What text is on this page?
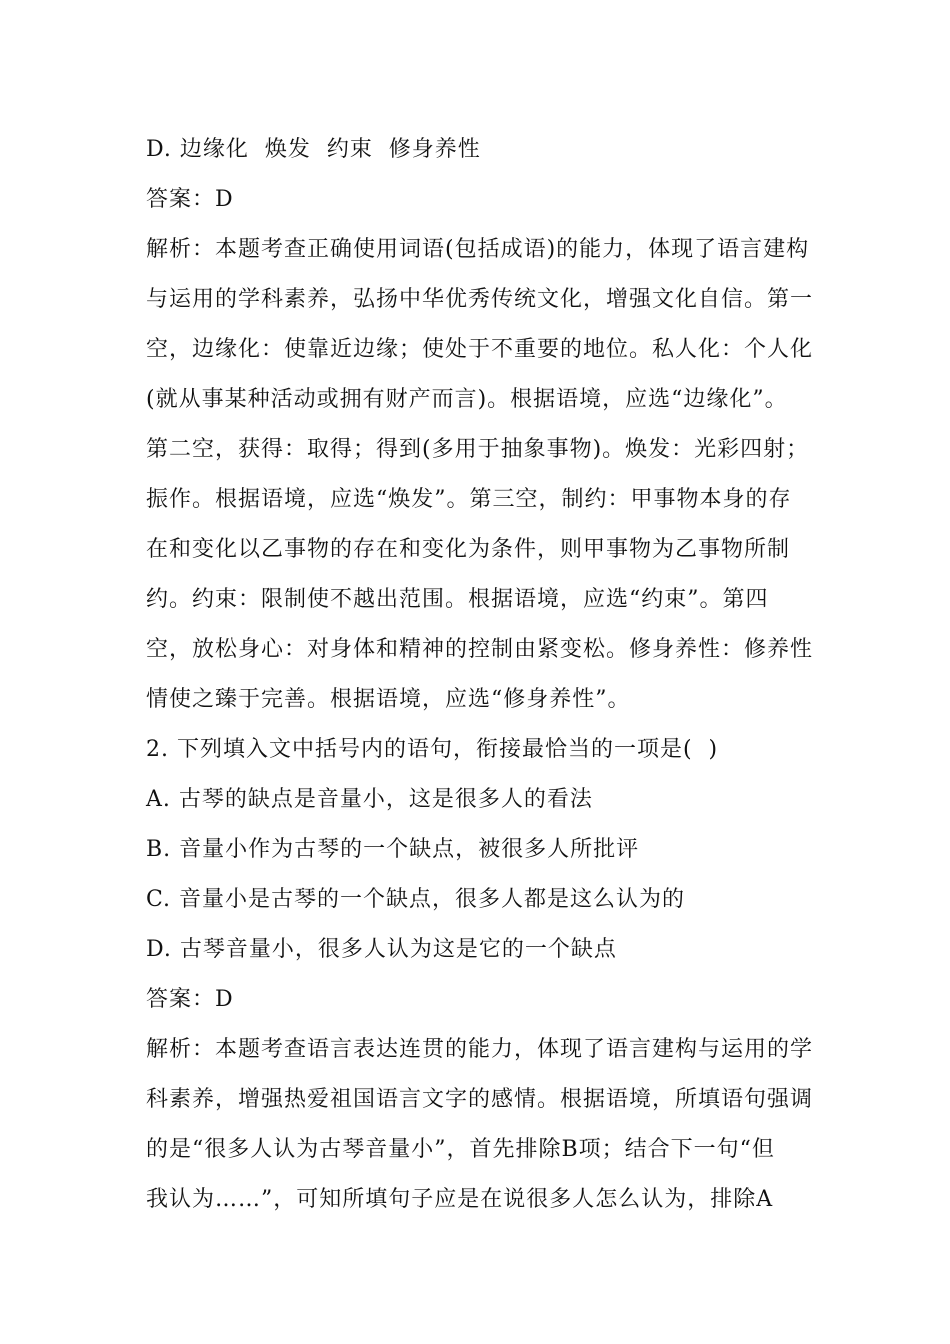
D. 边缘化  焕发  约束  修身养性
答案：D
解析：本题考查正确使用词语(包括成语)的能力，体现了语言建构
与运用的学科素养，弘扬中华优秀传统文化，增强文化自信。第一
空，边缘化：使靠近边缘；使处于不重要的地位。私人化：个人化
(就从事某种活动或拥有财产而言)。根据语境，应选“边缘化”。
第二空，获得：取得；得到(多用于抽象事物)。焕发：光彩四射；
振作。根据语境，应选“焕发”。第三空，制约：甲事物本身的存
在和变化以乙事物的存在和变化为条件，则甲事物为乙事物所制
约。约束：限制使不越出范围。根据语境，应选“约束”。第四
空，放松身心：对身体和精神的控制由紧变松。修身养性：修养性
情使之臻于完善。根据语境，应选“修身养性”。
2. 下列填入文中括号内的语句，衔接最恰当的一项是(  )
A. 古琴的缺点是音量小，这是很多人的看法
B. 音量小作为古琴的一个缺点，被很多人所批评
C. 音量小是古琴的一个缺点，很多人都是这么认为的
D. 古琴音量小，很多人认为这是它的一个缺点
答案：D
解析：本题考查语言表达连贯的能力，体现了语言建构与运用的学
科素养，增强热爱祖国语言文字的感情。根据语境，所填语句强调
的是“很多人认为古琴音量小”，首先排除B项；结合下一句“但
我认为……”，可知所填句子应是在说很多人怎么认为，排除A
